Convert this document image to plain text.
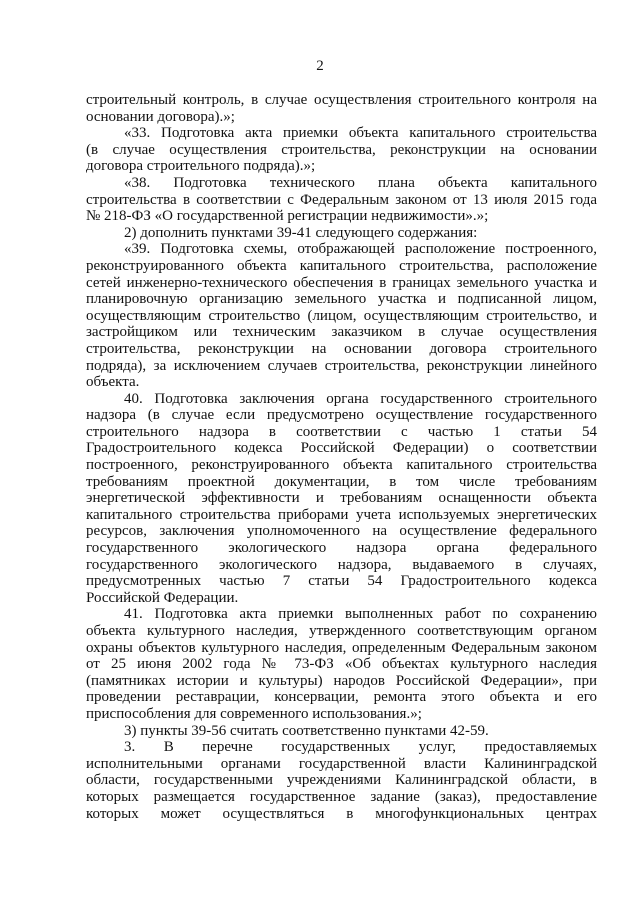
2
строительный контроль, в случае осуществления строительного контроля на
основании договора).»;
«33. Подготовка акта приемки объекта капитального строительства
(в случае осуществления строительства, реконструкции на основании
договора строительного подряда).»;
«38. Подготовка технического плана объекта капитального
строительства в соответствии с Федеральным законом от 13 июля 2015 года
№ 218-ФЗ «О государственной регистрации недвижимости».»;
2) дополнить пунктами 39-41 следующего содержания:
«39. Подготовка схемы, отображающей расположение построенного,
реконструированного объекта капитального строительства, расположение
сетей инженерно-технического обеспечения в границах земельного участка и
планировочную организацию земельного участка и подписанной лицом,
осуществляющим строительство (лицом, осуществляющим строительство, и
застройщиком или техническим заказчиком в случае осуществления
строительства, реконструкции на основании договора строительного
подряда), за исключением случаев строительства, реконструкции линейного
объекта.
40. Подготовка заключения органа государственного строительного
надзора (в случае если предусмотрено осуществление государственного
строительного надзора в соответствии с частью 1 статьи 54
Градостроительного кодекса Российской Федерации) о соответствии
построенного, реконструированного объекта капитального строительства
требованиям проектной документации, в том числе требованиям
энергетической эффективности и требованиям оснащенности объекта
капитального строительства приборами учета используемых энергетических
ресурсов, заключения уполномоченного на осуществление федерального
государственного экологического надзора органа федерального
государственного экологического надзора, выдаваемого в случаях,
предусмотренных частью 7 статьи 54 Градостроительного кодекса
Российской Федерации.
41. Подготовка акта приемки выполненных работ по сохранению
объекта культурного наследия, утвержденного соответствующим органом
охраны объектов культурного наследия, определенным Федеральным законом
от 25 июня 2002 года № 73-ФЗ «Об объектах культурного наследия
(памятниках истории и культуры) народов Российской Федерации», при
проведении реставрации, консервации, ремонта этого объекта и его
приспособления для современного использования.»;
3) пункты 39-56 считать соответственно пунктами 42-59.
3. В перечне государственных услуг, предоставляемых
исполнительными органами государственной власти Калининградской
области, государственными учреждениями Калининградской области, в
которых размещается государственное задание (заказ), предоставление
которых может осуществляться в многофункциональных центрах
